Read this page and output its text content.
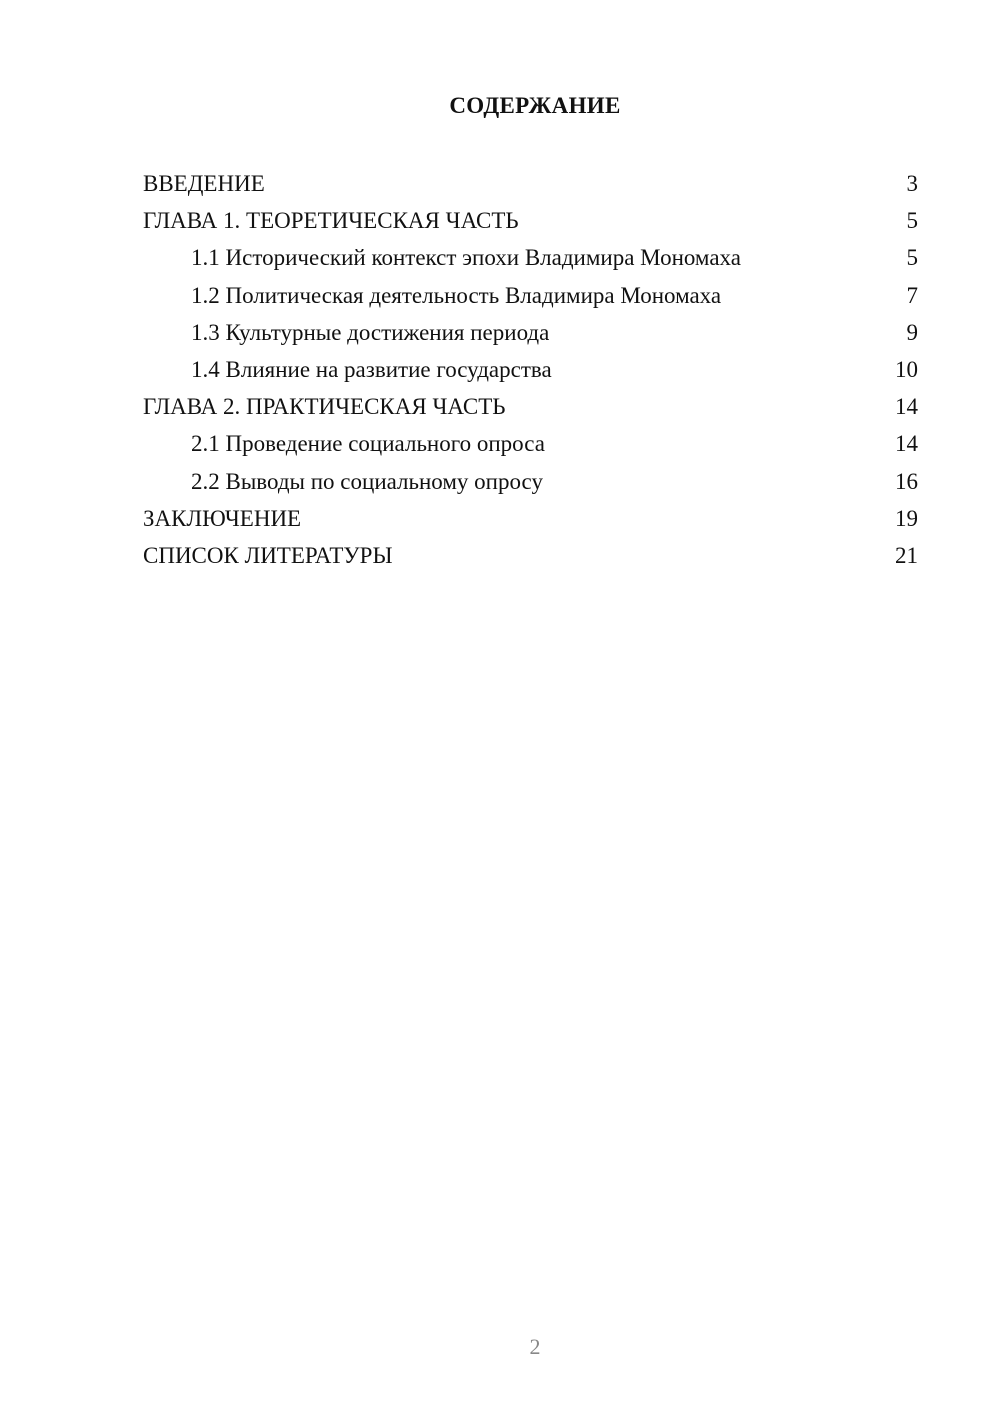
СОДЕРЖАНИЕ
ВВЕДЕНИЕ	3
ГЛАВА 1. ТЕОРЕТИЧЕСКАЯ ЧАСТЬ	5
1.1 Исторический контекст эпохи Владимира Мономаха	5
1.2 Политическая деятельность Владимира Мономаха	7
1.3 Культурные достижения периода	9
1.4 Влияние на развитие государства	10
ГЛАВА 2. ПРАКТИЧЕСКАЯ ЧАСТЬ	14
2.1 Проведение социального опроса	14
2.2 Выводы по социальному опросу	16
ЗАКЛЮЧЕНИЕ	19
СПИСОК ЛИТЕРАТУРЫ	21
2
